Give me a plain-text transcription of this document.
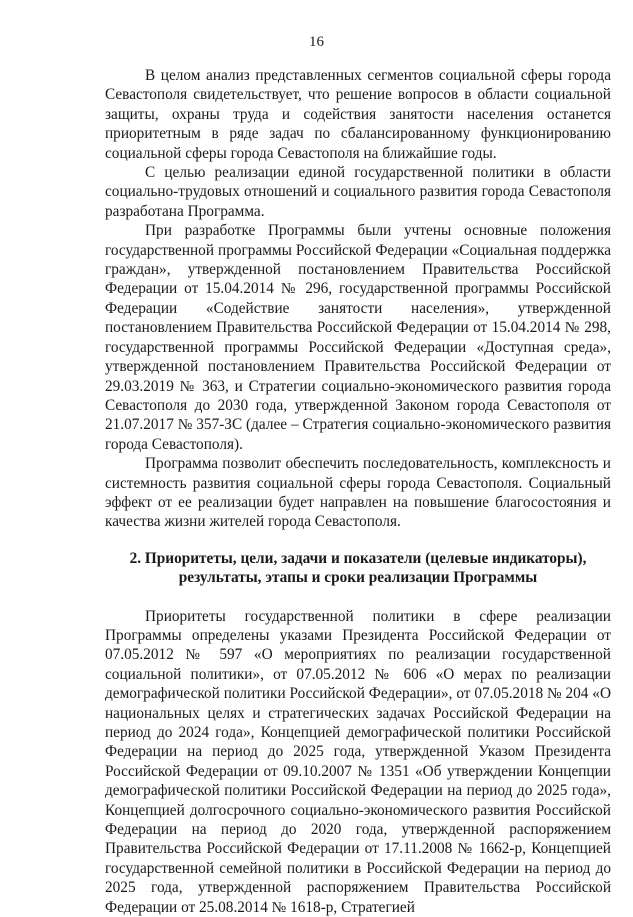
16

В целом анализ представленных сегментов социальной сферы города Севастополя свидетельствует, что решение вопросов в области социальной защиты, охраны труда и содействия занятости населения останется приоритетным в ряде задач по сбалансированному функционированию социальной сферы города Севастополя на ближайшие годы.

С целью реализации единой государственной политики в области социально-трудовых отношений и социального развития города Севастополя разработана Программа.

При разработке Программы были учтены основные положения государственной программы Российской Федерации «Социальная поддержка граждан», утвержденной постановлением Правительства Российской Федерации от 15.04.2014 № 296, государственной программы Российской Федерации «Содействие занятости населения», утвержденной постановлением Правительства Российской Федерации от 15.04.2014 № 298, государственной программы Российской Федерации «Доступная среда», утвержденной постановлением Правительства Российской Федерации от 29.03.2019 № 363, и Стратегии социально-экономического развития города Севастополя до 2030 года, утвержденной Законом города Севастополя от 21.07.2017 № 357-ЗС (далее – Стратегия социально-экономического развития города Севастополя).

Программа позволит обеспечить последовательность, комплексность и системность развития социальной сферы города Севастополя. Социальный эффект от ее реализации будет направлен на повышение благосостояния и качества жизни жителей города Севастополя.

2. Приоритеты, цели, задачи и показатели (целевые индикаторы), результаты, этапы и сроки реализации Программы

Приоритеты государственной политики в сфере реализации Программы определены указами Президента Российской Федерации от 07.05.2012 № 597 «О мероприятиях по реализации государственной социальной политики», от 07.05.2012 № 606 «О мерах по реализации демографической политики Российской Федерации», от 07.05.2018 № 204 «О национальных целях и стратегических задачах Российской Федерации на период до 2024 года», Концепцией демографической политики Российской Федерации на период до 2025 года, утвержденной Указом Президента Российской Федерации от 09.10.2007 № 1351 «Об утверждении Концепции демографической политики Российской Федерации на период до 2025 года», Концепцией долгосрочного социально-экономического развития Российской Федерации на период до 2020 года, утвержденной распоряжением Правительства Российской Федерации от 17.11.2008 № 1662-р, Концепцией государственной семейной политики в Российской Федерации на период до 2025 года, утвержденной распоряжением Правительства Российской Федерации от 25.08.2014 № 1618-р, Стратегией
